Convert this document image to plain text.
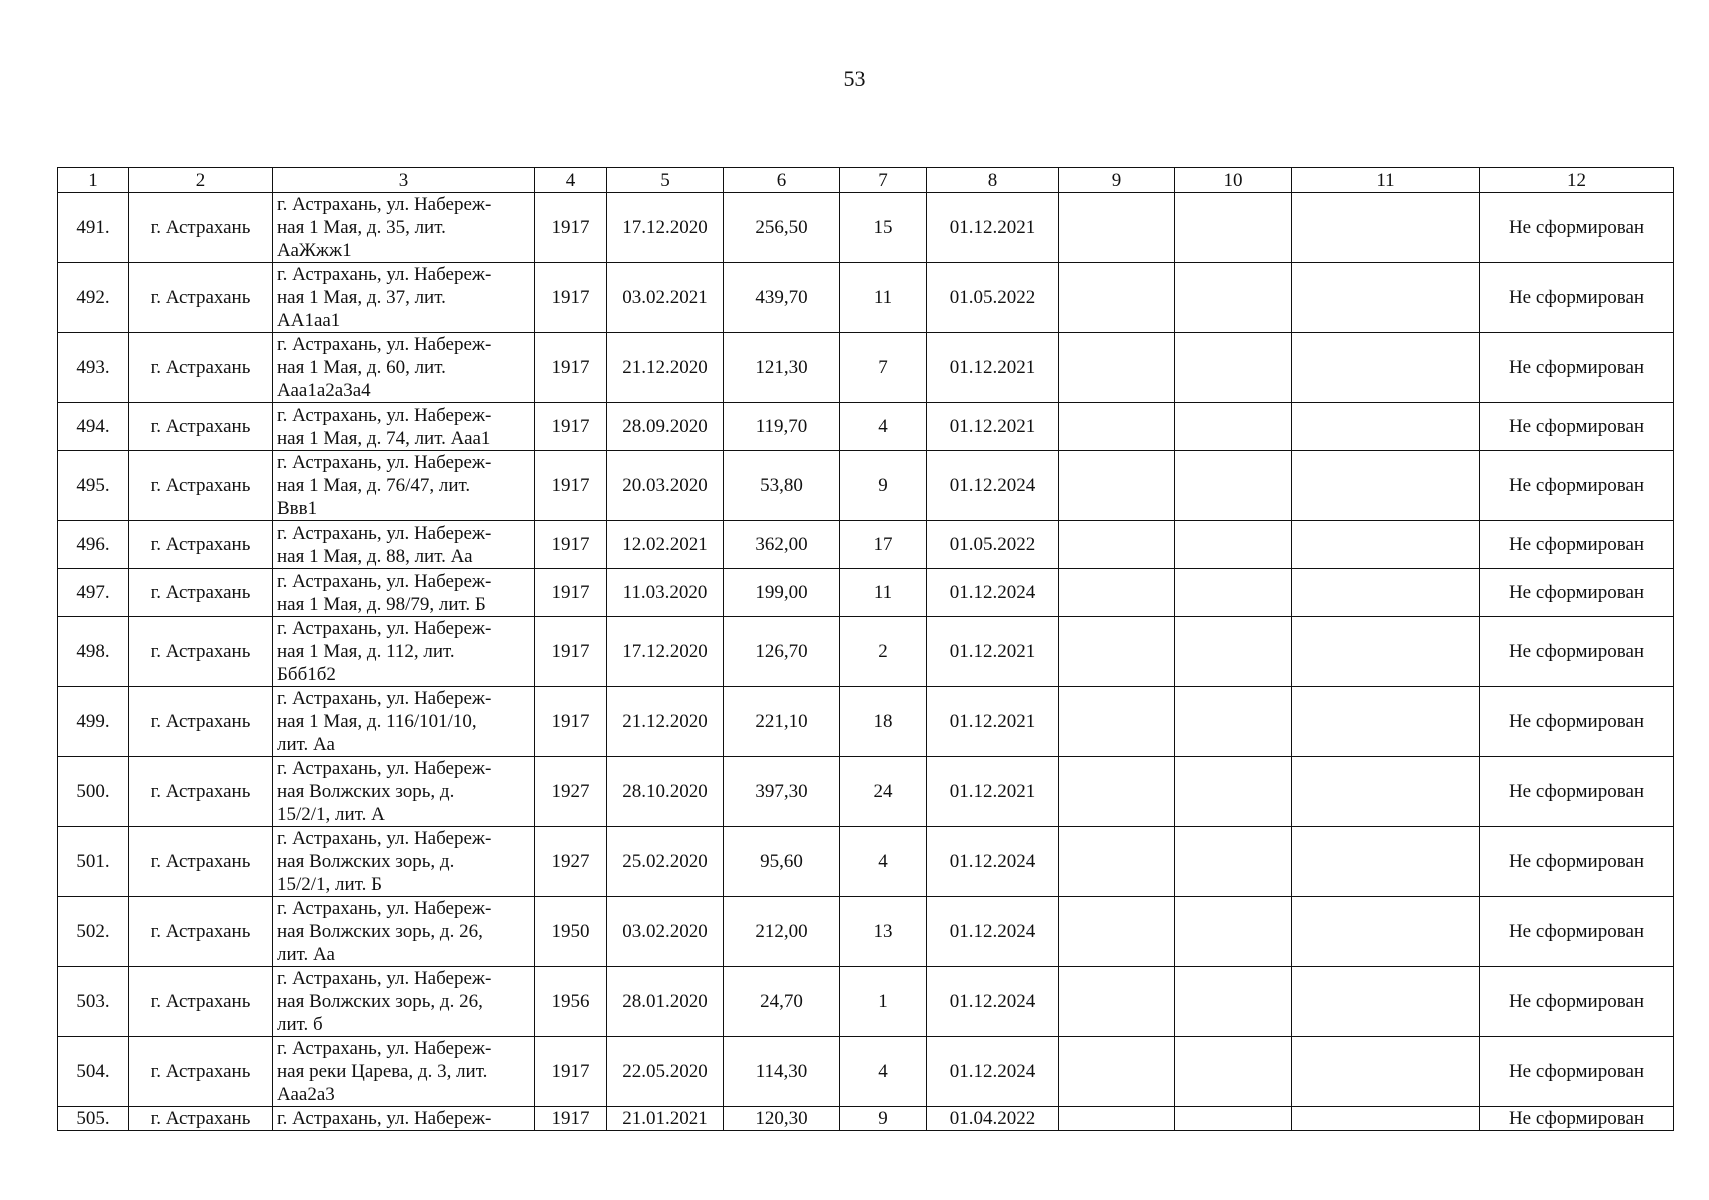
53
1	2	3	4	5	6	7	8	9	10	11	12
491.	г. Астрахань	г. Астрахань, ул. Набереж-
ная 1 Мая, д. 35, лит.
АаЖжж1	1917	17.12.2020	256,50	15	01.12.2021				Не сформирован
492.	г. Астрахань	г. Астрахань, ул. Набереж-
ная 1 Мая, д. 37, лит.
АА1аа1	1917	03.02.2021	439,70	11	01.05.2022				Не сформирован
493.	г. Астрахань	г. Астрахань, ул. Набереж-
ная 1 Мая, д. 60, лит.
Ааа1а2а3а4	1917	21.12.2020	121,30	7	01.12.2021				Не сформирован
494.	г. Астрахань	г. Астрахань, ул. Набереж-
ная 1 Мая, д. 74, лит. Ааа1	1917	28.09.2020	119,70	4	01.12.2021				Не сформирован
495.	г. Астрахань	г. Астрахань, ул. Набереж-
ная 1 Мая, д. 76/47, лит.
Ввв1	1917	20.03.2020	53,80	9	01.12.2024				Не сформирован
496.	г. Астрахань	г. Астрахань, ул. Набереж-
ная 1 Мая, д. 88, лит. Аа	1917	12.02.2021	362,00	17	01.05.2022				Не сформирован
497.	г. Астрахань	г. Астрахань, ул. Набереж-
ная 1 Мая, д. 98/79, лит. Б	1917	11.03.2020	199,00	11	01.12.2024				Не сформирован
498.	г. Астрахань	г. Астрахань, ул. Набереж-
ная 1 Мая, д. 112, лит.
Ббб1б2	1917	17.12.2020	126,70	2	01.12.2021				Не сформирован
499.	г. Астрахань	г. Астрахань, ул. Набереж-
ная 1 Мая, д. 116/101/10,
лит. Аа	1917	21.12.2020	221,10	18	01.12.2021				Не сформирован
500.	г. Астрахань	г. Астрахань, ул. Набереж-
ная Волжских зорь, д.
15/2/1, лит. А	1927	28.10.2020	397,30	24	01.12.2021				Не сформирован
501.	г. Астрахань	г. Астрахань, ул. Набереж-
ная Волжских зорь, д.
15/2/1, лит. Б	1927	25.02.2020	95,60	4	01.12.2024				Не сформирован
502.	г. Астрахань	г. Астрахань, ул. Набереж-
ная Волжских зорь, д. 26,
лит. Аа	1950	03.02.2020	212,00	13	01.12.2024				Не сформирован
503.	г. Астрахань	г. Астрахань, ул. Набереж-
ная Волжских зорь, д. 26,
лит. б	1956	28.01.2020	24,70	1	01.12.2024				Не сформирован
504.	г. Астрахань	г. Астрахань, ул. Набереж-
ная реки Царева, д. 3, лит.
Ааа2а3	1917	22.05.2020	114,30	4	01.12.2024				Не сформирован
505.	г. Астрахань	г. Астрахань, ул. Набереж-	1917	21.01.2021	120,30	9	01.04.2022				Не сформирован
